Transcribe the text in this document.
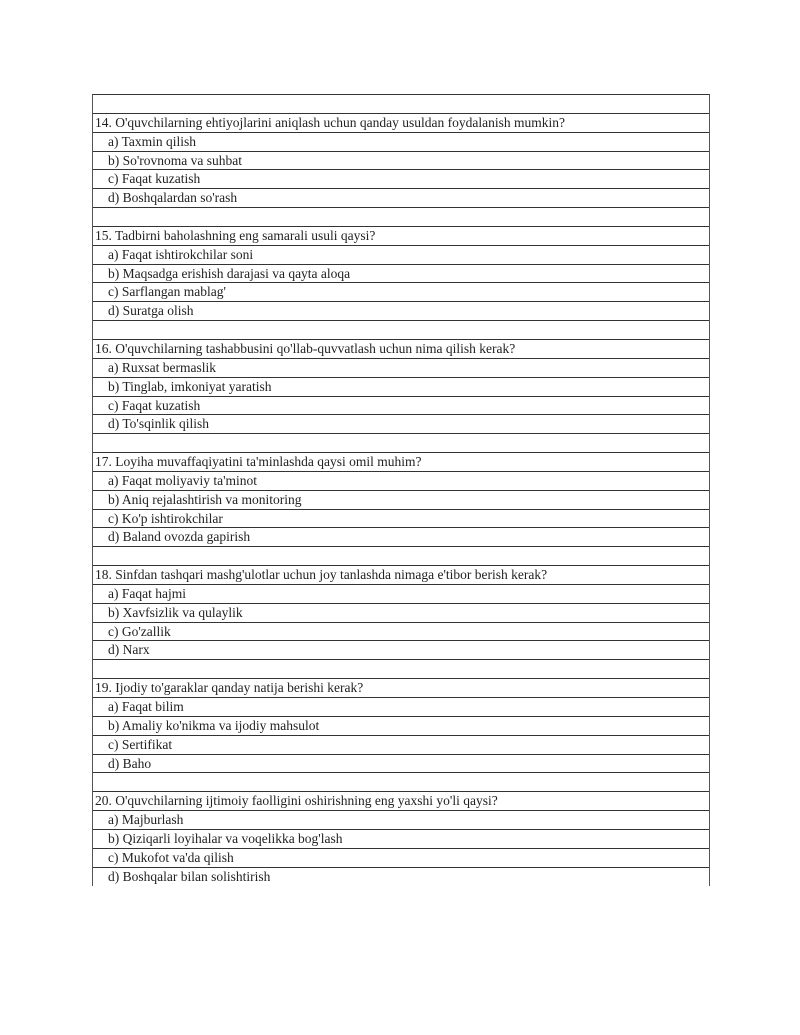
14. O'quvchilarning ehtiyojlarini aniqlash uchun qanday usuldan foydalanish mumkin?
a) Taxmin qilish
b) So'rovnoma va suhbat
c) Faqat kuzatish
d) Boshqalardan so'rash
15. Tadbirni baholashning eng samarali usuli qaysi?
a) Faqat ishtirokchilar soni
b) Maqsadga erishish darajasi va qayta aloqa
c) Sarflangan mablag'
d) Suratga olish
16. O'quvchilarning tashabbusini qo'llab-quvvatlash uchun nima qilish kerak?
a) Ruxsat bermaslik
b) Tinglab, imkoniyat yaratish
c) Faqat kuzatish
d) To'sqinlik qilish
17. Loyiha muvaffaqiyatini ta'minlashda qaysi omil muhim?
a) Faqat moliyaviy ta'minot
b) Aniq rejalashtirish va monitoring
c) Ko'p ishtirokchilar
d) Baland ovozda gapirish
18. Sinfdan tashqari mashg'ulotlar uchun joy tanlashda nimaga e'tibor berish kerak?
a) Faqat hajmi
b) Xavfsizlik va qulaylik
c) Go'zallik
d) Narx
19. Ijodiy to'garaklar qanday natija berishi kerak?
a) Faqat bilim
b) Amaliy ko'nikma va ijodiy mahsulot
c) Sertifikat
d) Baho
20. O'quvchilarning ijtimoiy faolligini oshirishning eng yaxshi yo'li qaysi?
a) Majburlash
b) Qiziqarli loyihalar va voqelikka bog'lash
c) Mukofot va'da qilish
d) Boshqalar bilan solishtirish
